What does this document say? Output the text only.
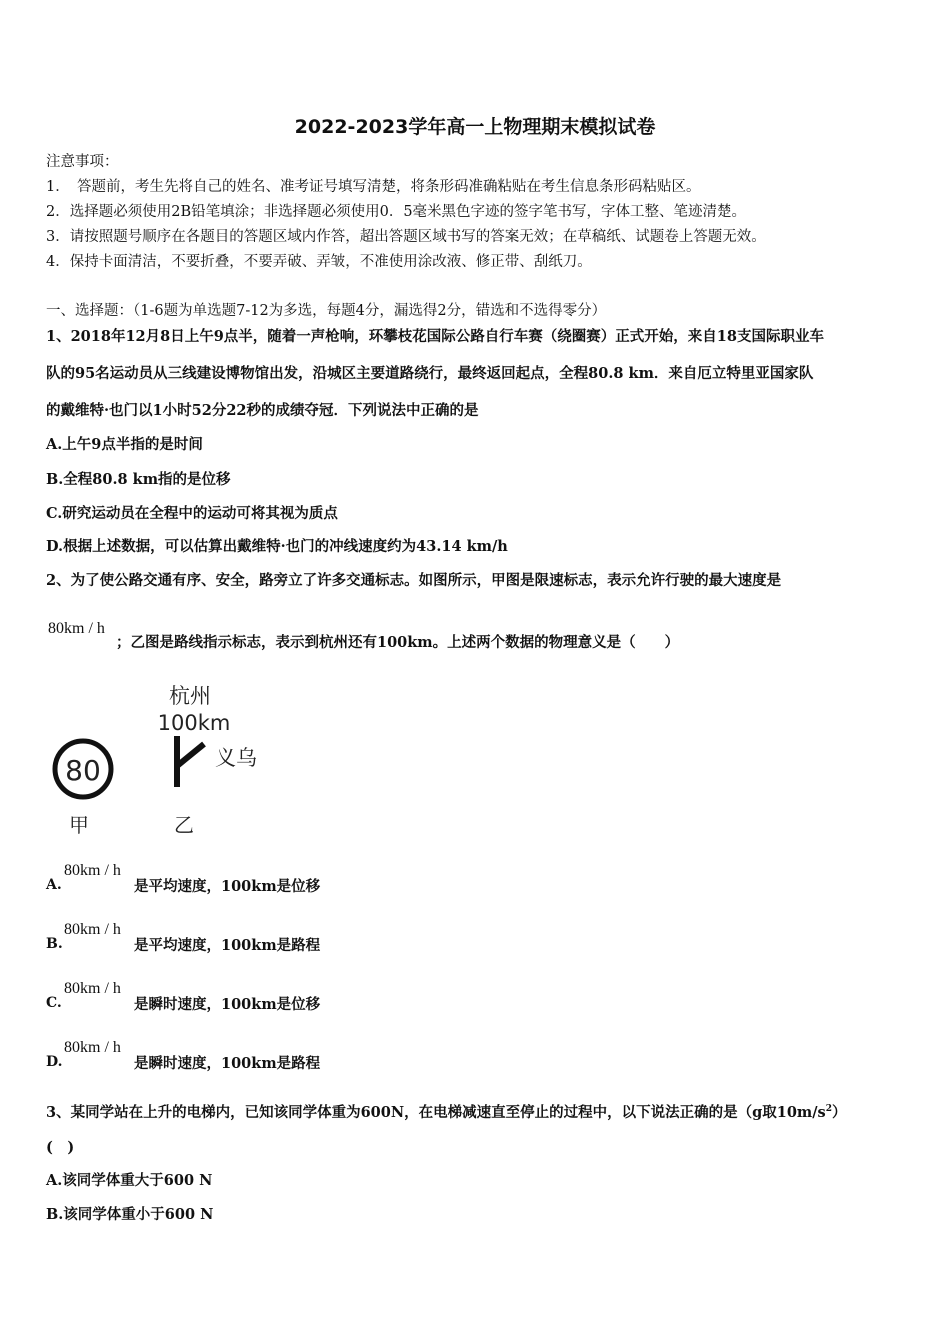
2022-2023学年高一上物理期末模拟试卷
注意事项：
1．　答题前，考生先将自己的姓名、准考证号填写清楚，将条形码准确粘贴在考生信息条形码粘贴区。
2．选择题必须使用2B铅笔填涂；非选择题必须使用0．5毫米黑色字迹的签字笔书写，字体工整、笔迹清楚。
3．请按照题号顺序在各题目的答题区域内作答，超出答题区域书写的答案无效；在草稿纸、试题卷上答题无效。
4．保持卡面清洁，不要折叠，不要弄破、弄皱，不准使用涂改液、修正带、刮纸刀。
一、选择题：（1-6题为单选题7-12为多选，每题4分，漏选得2分，错选和不选得零分）
1、2018年12月8日上午9点半，随着一声枪响，环攀枝花国际公路自行车赛（绕圈赛）正式开始，来自18支国际职业车
队的95名运动员从三线建设博物馆出发，沿城区主要道路绕行，最终返回起点，全程80.8 km．来自厄立特里亚国家队
的戴维特·也门以1小时52分22秒的成绩夺冠．下列说法中正确的是
A.上午9点半指的是时间
B.全程80.8 km指的是位移
C.研究运动员在全程中的运动可将其视为质点
D.根据上述数据，可以估算出戴维特·也门的冲线速度约为43.14 km/h
2、为了使公路交通有序、安全，路旁立了许多交通标志。如图所示，甲图是限速标志，表示允许行驶的最大速度是
80km / h
；乙图是路线指示标志，表示到杭州还有100km。上述两个数据的物理意义是（　　）
80
甲
杭州
100km
义乌
乙
A.
80km / h
是平均速度，100km是位移
B.
80km / h
是平均速度，100km是路程
C.
80km / h
是瞬时速度，100km是位移
D.
80km / h
是瞬时速度，100km是路程
3、某同学站在上升的电梯内，已知该同学体重为600N，在电梯减速直至停止的过程中，以下说法正确的是（g取$10m/s^2$）
(　)
A.该同学体重大于600 N
B.该同学体重小于600 N
